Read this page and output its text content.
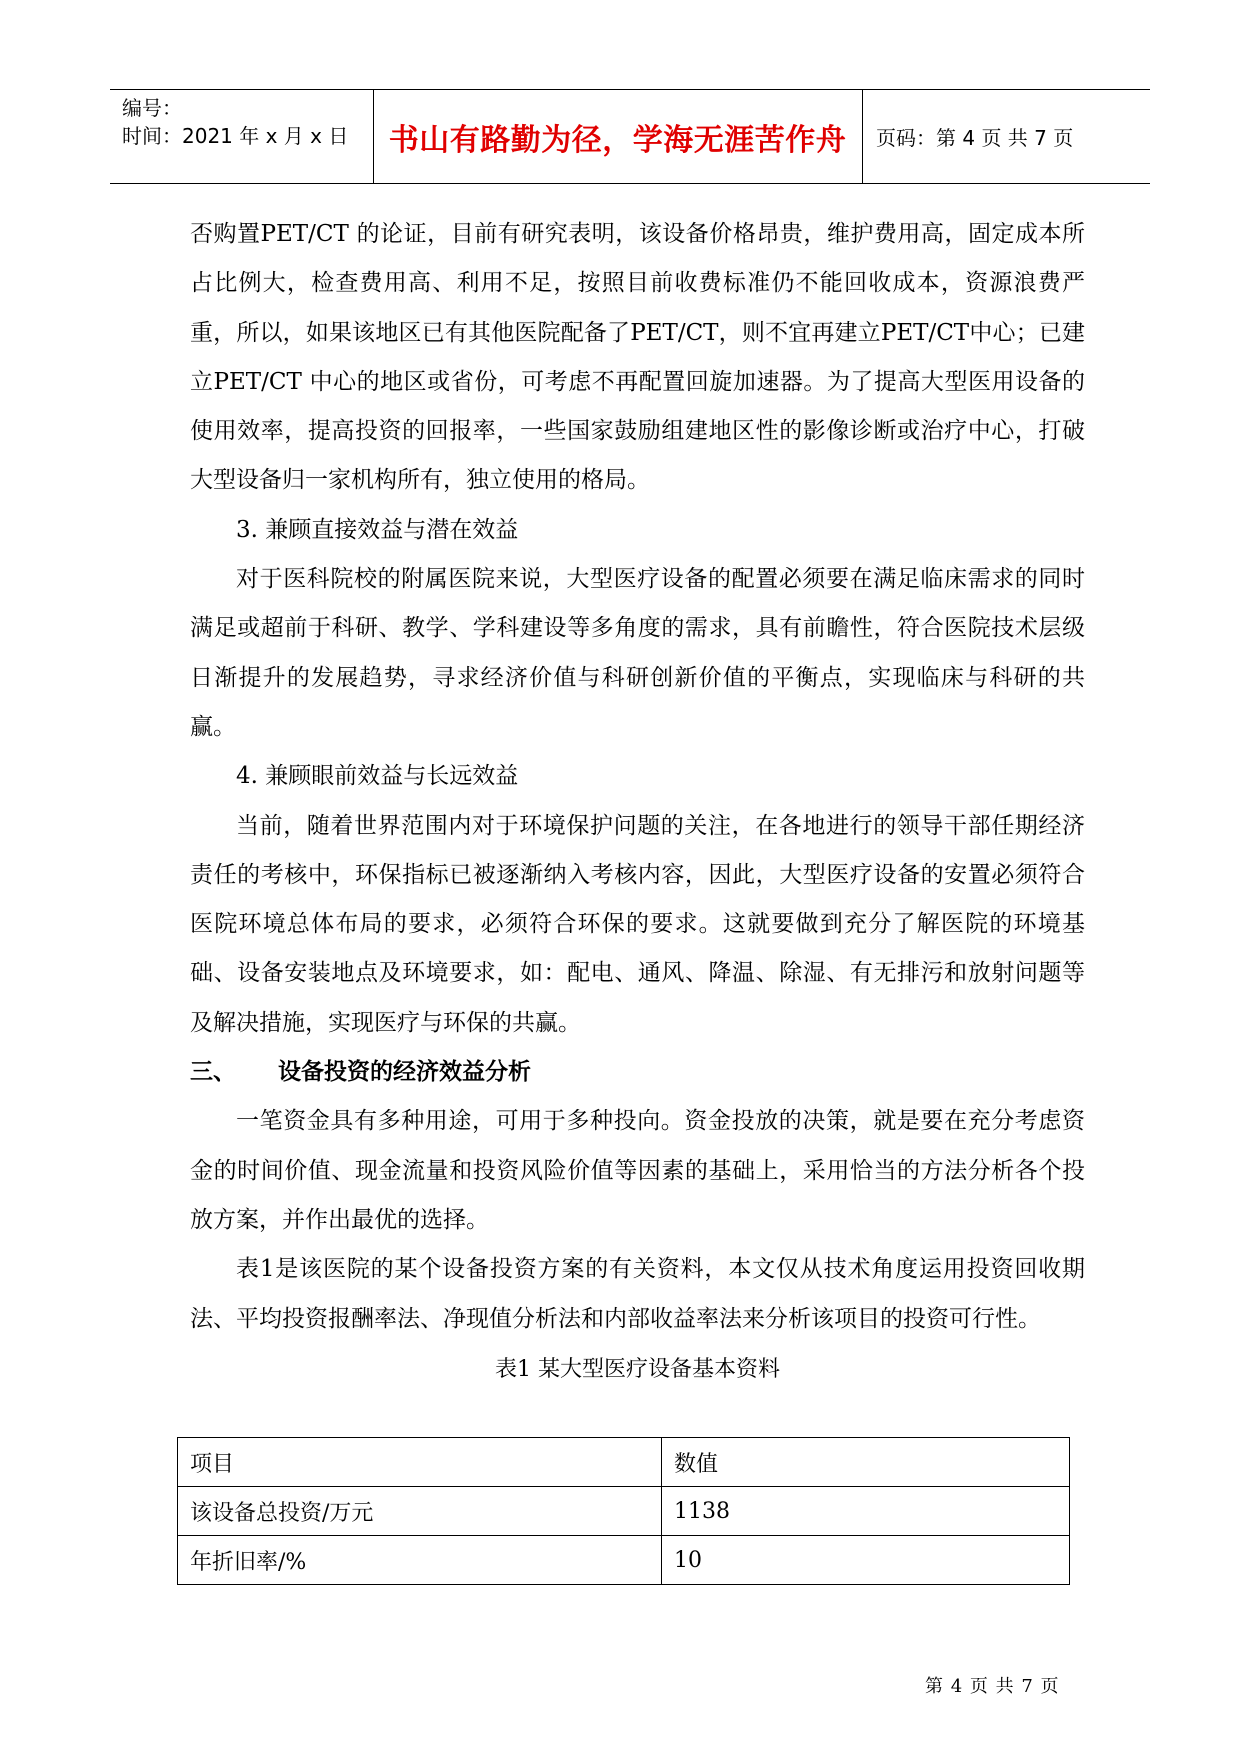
编号：
时间：2021 年 x 月 x 日	书山有路勤为径，学海无涯苦作舟	页码：第 4 页 共 7 页

否购置PET/CT 的论证，目前有研究表明，该设备价格昂贵，维护费用高，固定成本所占比例大，检查费用高、利用不足，按照目前收费标准仍不能回收成本，资源浪费严重，所以，如果该地区已有其他医院配备了PET/CT，则不宜再建立PET/CT中心；已建立PET/CT 中心的地区或省份，可考虑不再配置回旋加速器。为了提高大型医用设备的使用效率，提高投资的回报率，一些国家鼓励组建地区性的影像诊断或治疗中心，打破大型设备归一家机构所有，独立使用的格局。

3. 兼顾直接效益与潜在效益

对于医科院校的附属医院来说，大型医疗设备的配置必须要在满足临床需求的同时满足或超前于科研、教学、学科建设等多角度的需求，具有前瞻性，符合医院技术层级日渐提升的发展趋势，寻求经济价值与科研创新价值的平衡点，实现临床与科研的共赢。

4. 兼顾眼前效益与长远效益

当前，随着世界范围内对于环境保护问题的关注，在各地进行的领导干部任期经济责任的考核中，环保指标已被逐渐纳入考核内容，因此，大型医疗设备的安置必须符合医院环境总体布局的要求，必须符合环保的要求。这就要做到充分了解医院的环境基础、设备安装地点及环境要求，如：配电、通风、降温、除湿、有无排污和放射问题等及解决措施，实现医疗与环保的共赢。

三、 设备投资的经济效益分析

一笔资金具有多种用途，可用于多种投向。资金投放的决策，就是要在充分考虑资金的时间价值、现金流量和投资风险价值等因素的基础上，采用恰当的方法分析各个投放方案，并作出最优的选择。

表1是该医院的某个设备投资方案的有关资料，本文仅从技术角度运用投资回收期法、平均投资报酬率法、净现值分析法和内部收益率法来分析该项目的投资可行性。

表1 某大型医疗设备基本资料
项目	数值
该设备总投资/万元	1138
年折旧率/%	10
第 4 页 共 7 页
